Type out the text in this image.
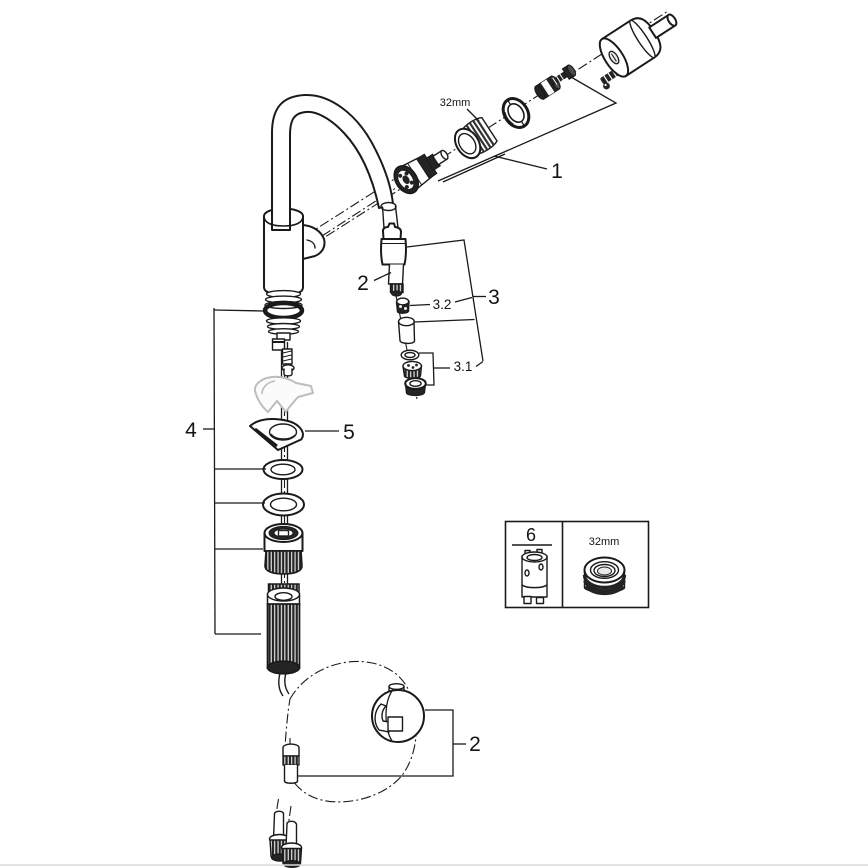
1
2
3
3.2
3.1
4	5
2
6
32mm
32mm
